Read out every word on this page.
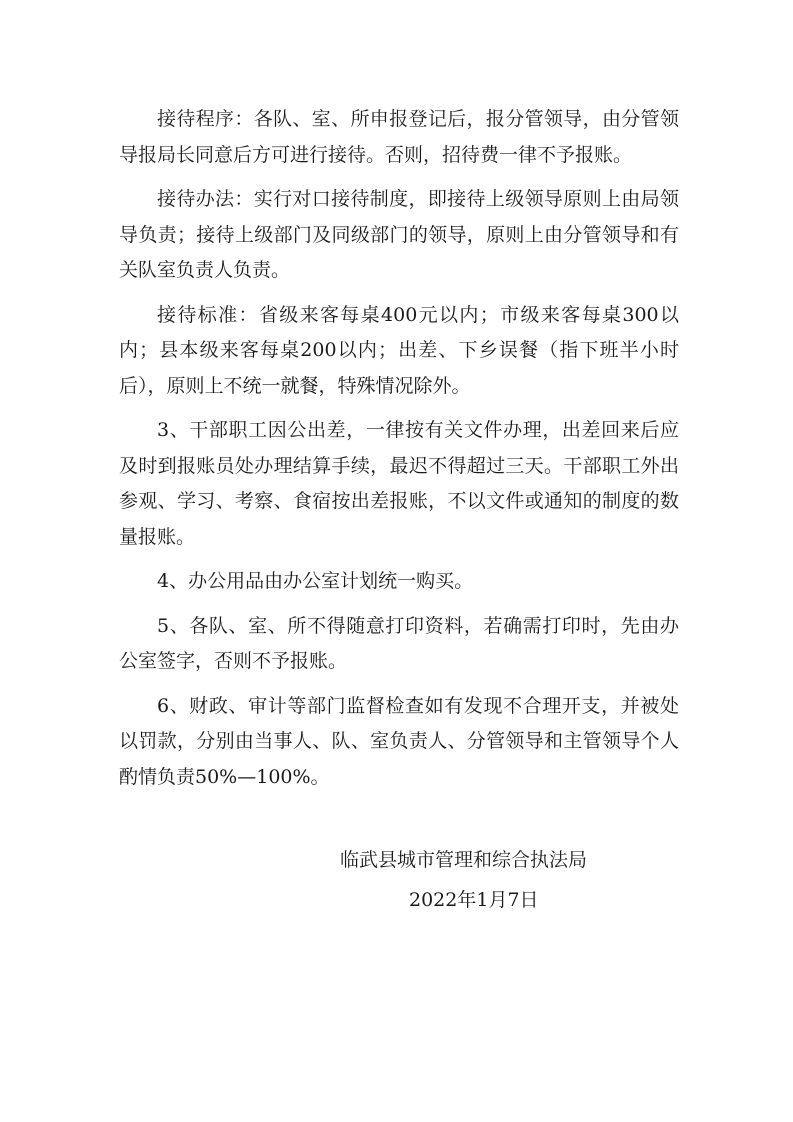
接待程序：各队、室、所申报登记后，报分管领导，由分管领导报局长同意后方可进行接待。否则，招待费一律不予报账。

接待办法：实行对口接待制度，即接待上级领导原则上由局领导负责；接待上级部门及同级部门的领导，原则上由分管领导和有关队室负责人负责。

接待标准：省级来客每桌400元以内；市级来客每桌300以内；县本级来客每桌200以内；出差、下乡误餐（指下班半小时后），原则上不统一就餐，特殊情况除外。

3、干部职工因公出差，一律按有关文件办理，出差回来后应及时到报账员处办理结算手续，最迟不得超过三天。干部职工外出参观、学习、考察、食宿按出差报账，不以文件或通知的制度的数量报账。

4、办公用品由办公室计划统一购买。

5、各队、室、所不得随意打印资料，若确需打印时，先由办公室签字，否则不予报账。

6、财政、审计等部门监督检查如有发现不合理开支，并被处以罚款，分别由当事人、队、室负责人、分管领导和主管领导个人酌情负责50%—100%。

临武县城市管理和综合执法局

2022年1月7日
